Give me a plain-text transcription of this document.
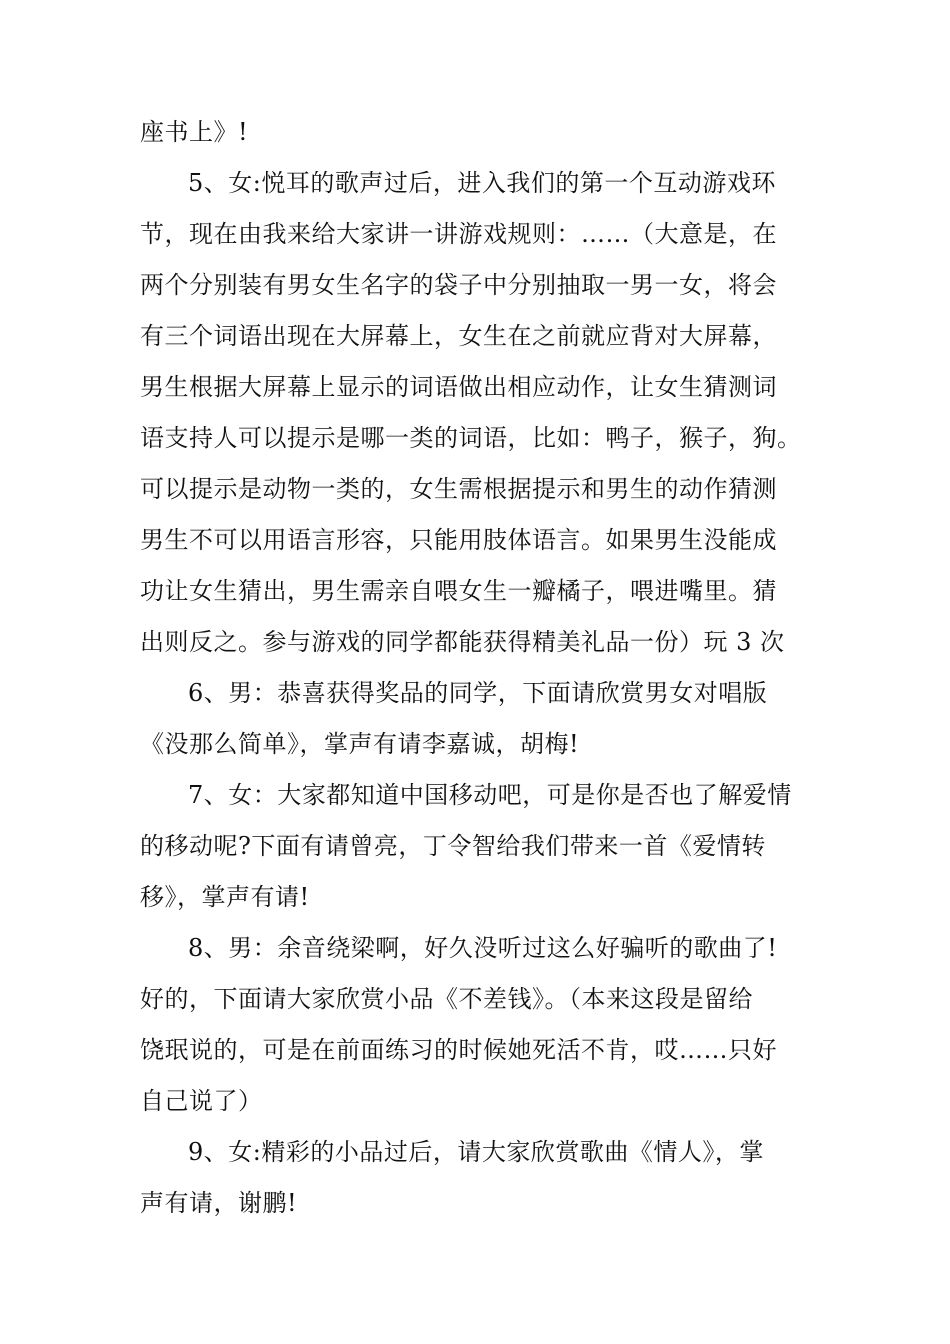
座书上》!
5、女:悦耳的歌声过后，进入我们的第一个互动游戏环
节，现在由我来给大家讲一讲游戏规则：……（大意是，在
两个分别装有男女生名字的袋子中分别抽取一男一女，将会
有三个词语出现在大屏幕上，女生在之前就应背对大屏幕，
男生根据大屏幕上显示的词语做出相应动作，让女生猜测词
语支持人可以提示是哪一类的词语，比如：鸭子，猴子，狗。
可以提示是动物一类的，女生需根据提示和男生的动作猜测
男生不可以用语言形容，只能用肢体语言。如果男生没能成
功让女生猜出，男生需亲自喂女生一瓣橘子，喂进嘴里。猜
出则反之。参与游戏的同学都能获得精美礼品一份）玩 3 次
6、男：恭喜获得奖品的同学，下面请欣赏男女对唱版
《没那么简单》，掌声有请李嘉诚，胡梅!
7、女：大家都知道中国移动吧，可是你是否也了解爱情
的移动呢?下面有请曾亮，丁令智给我们带来一首《爱情转
移》，掌声有请!
8、男：余音绕梁啊，好久没听过这么好骗听的歌曲了!
好的，下面请大家欣赏小品《不差钱》。（本来这段是留给
饶珉说的，可是在前面练习的时候她死活不肯，哎……只好
自己说了）
9、女:精彩的小品过后，请大家欣赏歌曲《情人》，掌
声有请，谢鹏!
